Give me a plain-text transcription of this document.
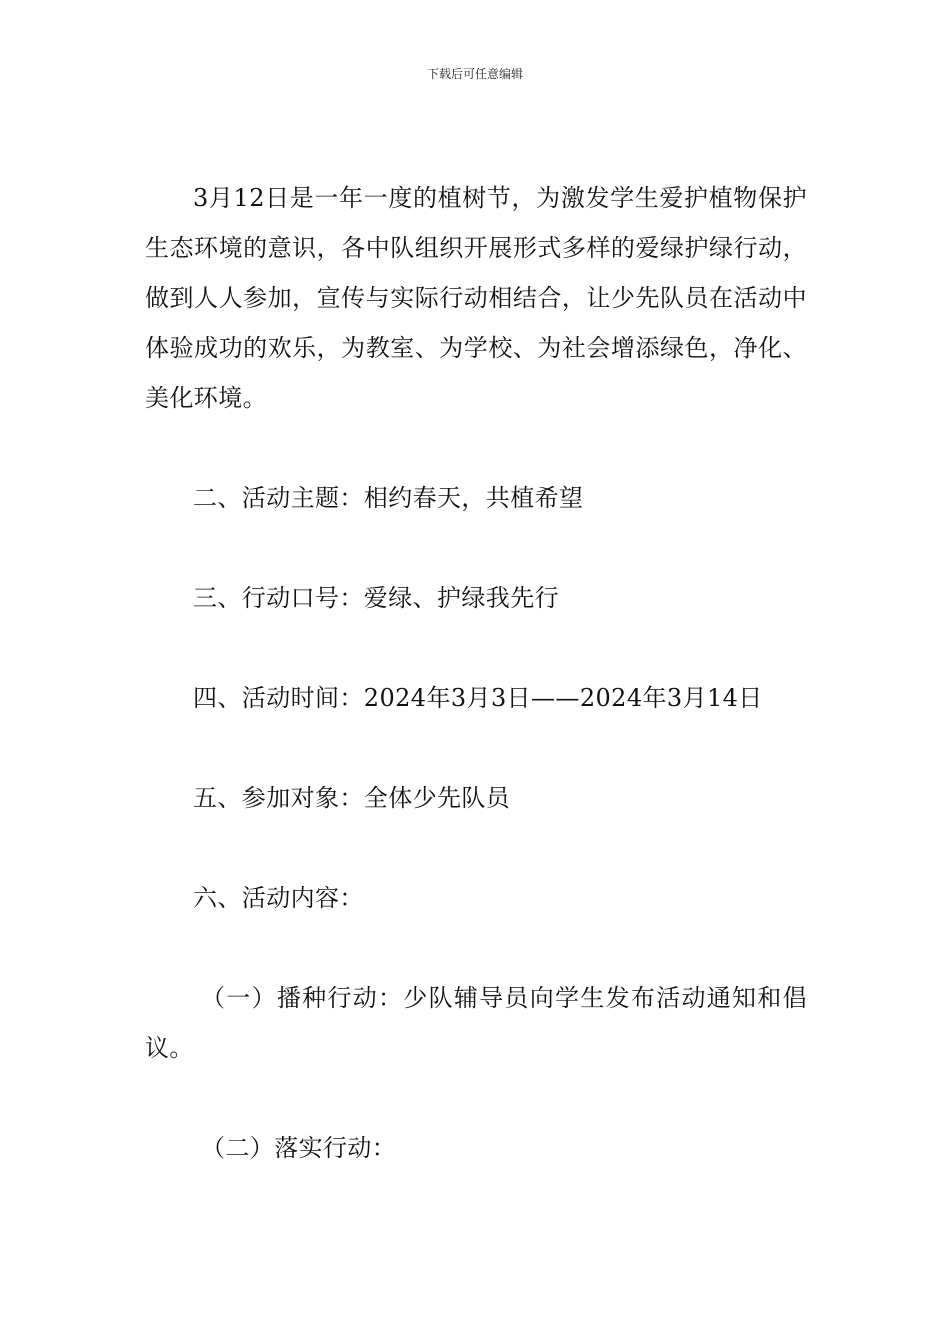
下载后可任意编辑

3月12日是一年一度的植树节，为激发学生爱护植物保护生态环境的意识，各中队组织开展形式多样的爱绿护绿行动，做到人人参加，宣传与实际行动相结合，让少先队员在活动中体验成功的欢乐，为教室、为学校、为社会增添绿色，净化、美化环境。

二、活动主题：相约春天，共植希望

三、行动口号：爱绿、护绿我先行

四、活动时间：2024年3月3日——2024年3月14日

五、参加对象：全体少先队员

六、活动内容：

（一）播种行动：少队辅导员向学生发布活动通知和倡议。

（二）落实行动：
